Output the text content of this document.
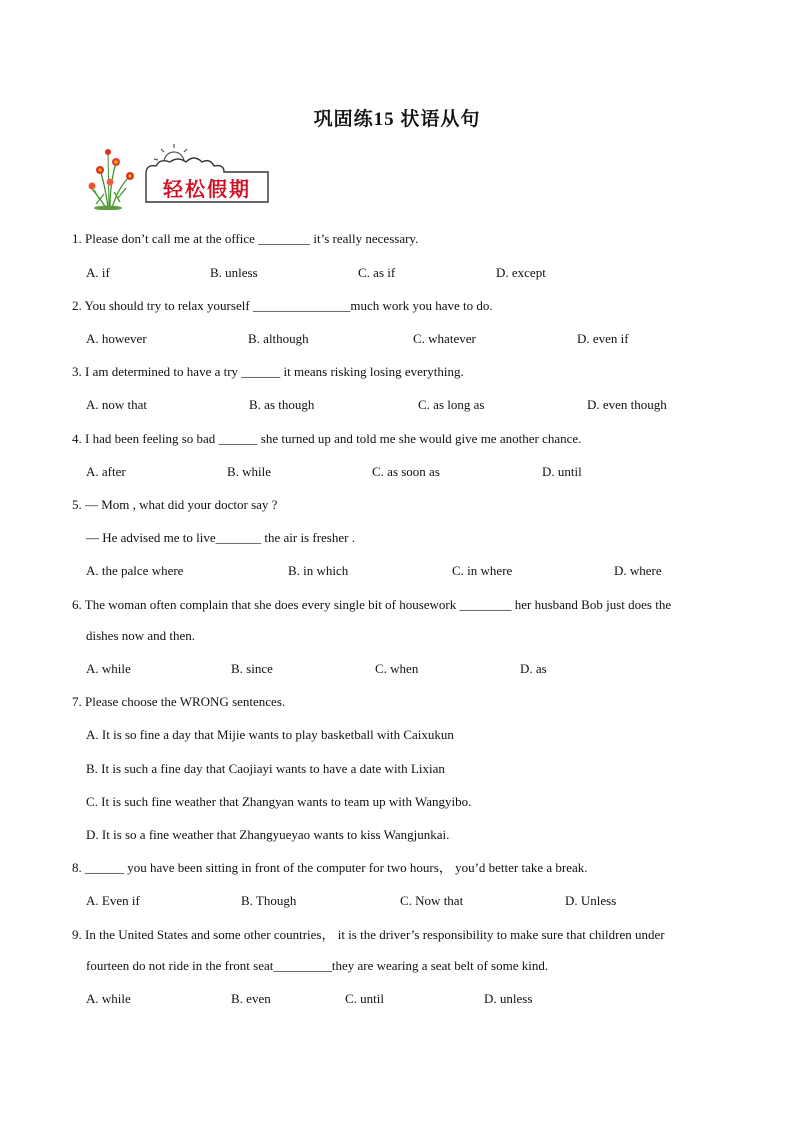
巩固练15 状语从句
轻松假期
1. Please don’t call me at the office ________ it’s really necessary.
A. if	B. unless	C. as if	D. except
2. You should try to relax yourself _______________much work you have to do.
A. however	B. although	C. whatever	D. even if
3. I am determined to have a try ______ it means risking losing everything.
A. now that	B. as though	C. as long as	D. even though
4. I had been feeling so bad ______ she turned up and told me she would give me another chance.
A. after	B. while	C. as soon as	D. until
5. — Mom , what did your doctor say ?
— He advised me to live_______ the air is fresher .
A. the palce where	B. in which	C. in where	D. where
6. The woman often complain that she does every single bit of housework ________ her husband Bob just does the
dishes now and then.
A. while	B. since	C. when	D. as
7. Please choose the WRONG sentences.
A. It is so fine a day that Mijie wants to play basketball with Caixukun
B. It is such a fine day that Caojiayi wants to have a date with Lixian
C. It is such fine weather that Zhangyan wants to team up with Wangyibo.
D. It is so a fine weather that Zhangyueyao wants to kiss Wangjunkai.
8. ______ you have been sitting in front of the computer for two hours， you’d better take a break.
A. Even if	B. Though	C. Now that	D. Unless
9. In the United States and some other countries， it is the driver’s responsibility to make sure that children under
fourteen do not ride in the front seat_________they are wearing a seat belt of some kind.
A. while	B. even	C. until	D. unless
